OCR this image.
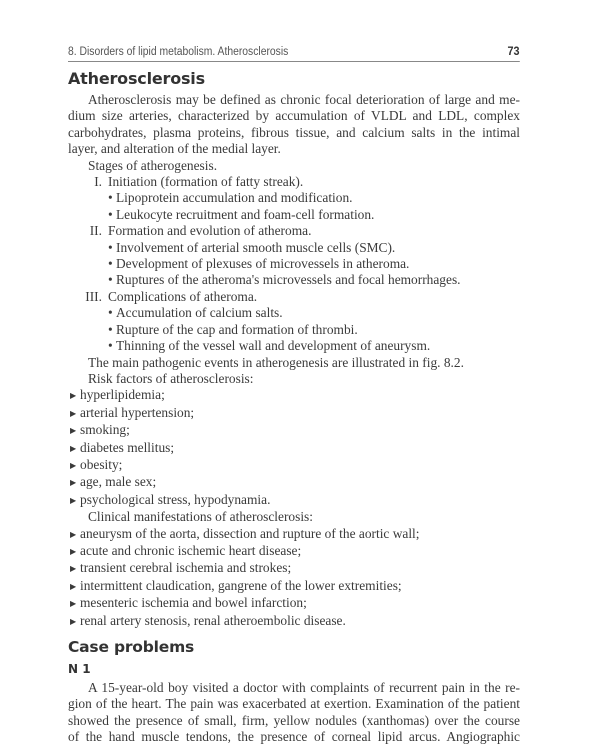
8. Disorders of lipid metabolism. Atherosclerosis	73
Atherosclerosis
Atherosclerosis may be defined as chronic focal deterioration of large and me-
dium size arteries, characterized by accumulation of VLDL and LDL, complex
carbohydrates, plasma proteins, fibrous tissue, and calcium salts in the intimal
layer, and alteration of the medial layer.
Stages of atherogenesis.
I. Initiation (formation of fatty streak).
• Lipoprotein accumulation and modification.
• Leukocyte recruitment and foam-cell formation.
II. Formation and evolution of atheroma.
• Involvement of arterial smooth muscle cells (SMC).
• Development of plexuses of microvessels in atheroma.
• Ruptures of the atheroma's microvessels and focal hemorrhages.
III. Complications of atheroma.
• Accumulation of calcium salts.
• Rupture of the cap and formation of thrombi.
• Thinning of the vessel wall and development of aneurysm.
The main pathogenic events in atherogenesis are illustrated in fig. 8.2.
Risk factors of atherosclerosis:
▶ hyperlipidemia;
▶ arterial hypertension;
▶ smoking;
▶ diabetes mellitus;
▶ obesity;
▶ age, male sex;
▶ psychological stress, hypodynamia.
Clinical manifestations of atherosclerosis:
▶ aneurysm of the aorta, dissection and rupture of the aortic wall;
▶ acute and chronic ischemic heart disease;
▶ transient cerebral ischemia and strokes;
▶ intermittent claudication, gangrene of the lower extremities;
▶ mesenteric ischemia and bowel infarction;
▶ renal artery stenosis, renal atheroembolic disease.
Case problems
N 1
A 15-year-old boy visited a doctor with complaints of recurrent pain in the re-
gion of the heart. The pain was exacerbated at exertion. Examination of the patient
showed the presence of small, firm, yellow nodules (xanthomas) over the course
of the hand muscle tendons, the presence of corneal lipid arcus. Angiographic
